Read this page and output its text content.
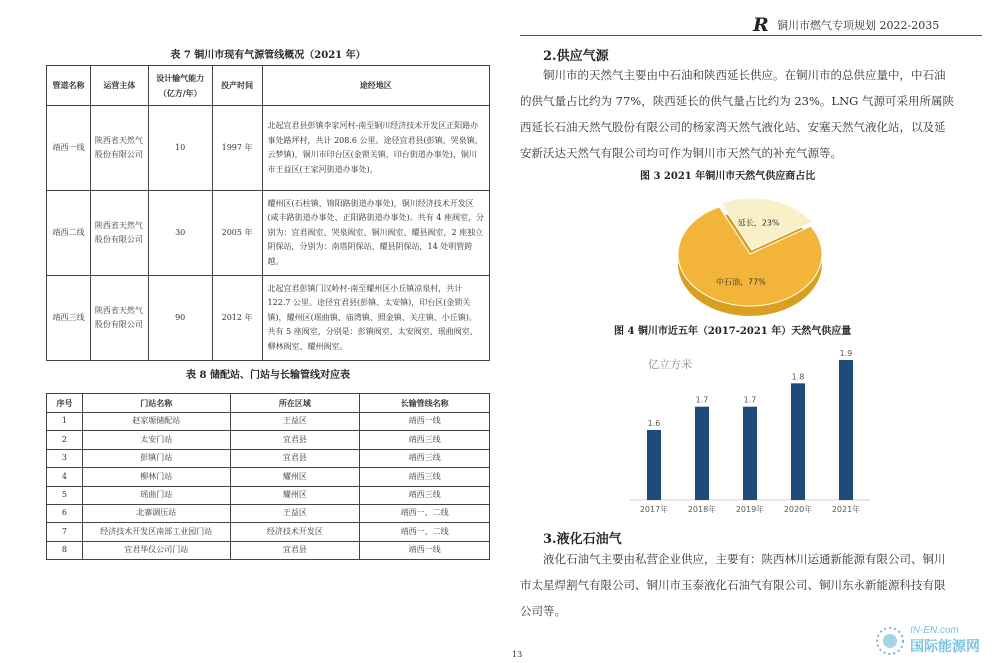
R 铜川市燃气专项规划 2022-2035
表 7 铜川市现有气源管线概况（2021 年）
管道名称	运营主体	设计输气能力（亿方/年）	投产时间	途经地区
靖西一线	陕西省天然气股份有限公司	10	1997 年	北起宜君县彭镇李家河村-南至铜川经济技术开发区正阳路办事处路坪村，共计 208.6 公里。途径宜君县(彭镇、哭泉镇、云梦镇)，铜川市印台区(金锁关镇、印台街道办事处)，铜川市王益区(王家河街道办事处)，
靖西二线	陕西省天然气股份有限公司	30	2005 年	耀州区(石柱镇、锦阳路街道办事处)，铜川经济技术开发区(咸丰路街道办事处、正阳路街道办事处)。共有 4 座阀室，分别为：宜君阀室、哭泉阀室、铜川阀室、耀县阀室，2 座独立阴保站，分别为：南塔阴保站、耀县阴保站，14 处明管跨越。
靖西三线	陕西省天然气股份有限公司	90	2012 年	北起宜君彭镇门汉岭村-南至耀州区小丘镇凉泉村，共计 122.7 公里。途径宜君县(彭镇、太安镇)，印台区(金锁关镇)，耀州区(瑶曲镇、庙湾镇、照金镇、关庄镇、小丘镇)。共有 5 座阀室，分别是：彭镇阀室、太安阀室、瑶曲阀室、柳林阀室、耀州阀室。
表 8 储配站、门站与长输管线对应表
序号	门站名称	所在区域	长输管线名称
1	赵家塬储配站	王益区	靖西一线
2	太安门站	宜君县	靖西三线
3	彭镇门站	宜君县	靖西三线
4	柳林门站	耀州区	靖西三线
5	瑶曲门站	耀州区	靖西三线
6	北寨调压站	王益区	靖西一、二线
7	经济技术开发区南部工业园门站	经济技术开发区	靖西一、二线
8	宜君华仪公司门站	宜君县	靖西一线
2.供应气源
铜川市的天然气主要由中石油和陕西延长供应。在铜川市的总供应量中，中石油
的供气量占比约为 77%，陕西延长的供气量占比约为 23%。LNG 气源可采用所属陕
西延长石油天然气股份有限公司的杨家湾天然气液化站、安塞天然气液化站，以及延
安新沃达天然气有限公司均可作为铜川市天然气的补充气源等。
图 3 2021 年铜川市天然气供应商占比
中石油，77%
延长，23%
图 4 铜川市近五年（2017-2021 年）天然气供应量
亿立方米
1.6
2017年
1.7
2018年
1.7
2019年
1.8
2020年
1.9
2021年
3.液化石油气
液化石油气主要由私营企业供应，主要有：陕西林川运通新能源有限公司、铜川
市太星焊割气有限公司、铜川市玉泰液化石油气有限公司、铜川东永新能源科技有限
公司等。
13
IN-EN.com
国际能源网
